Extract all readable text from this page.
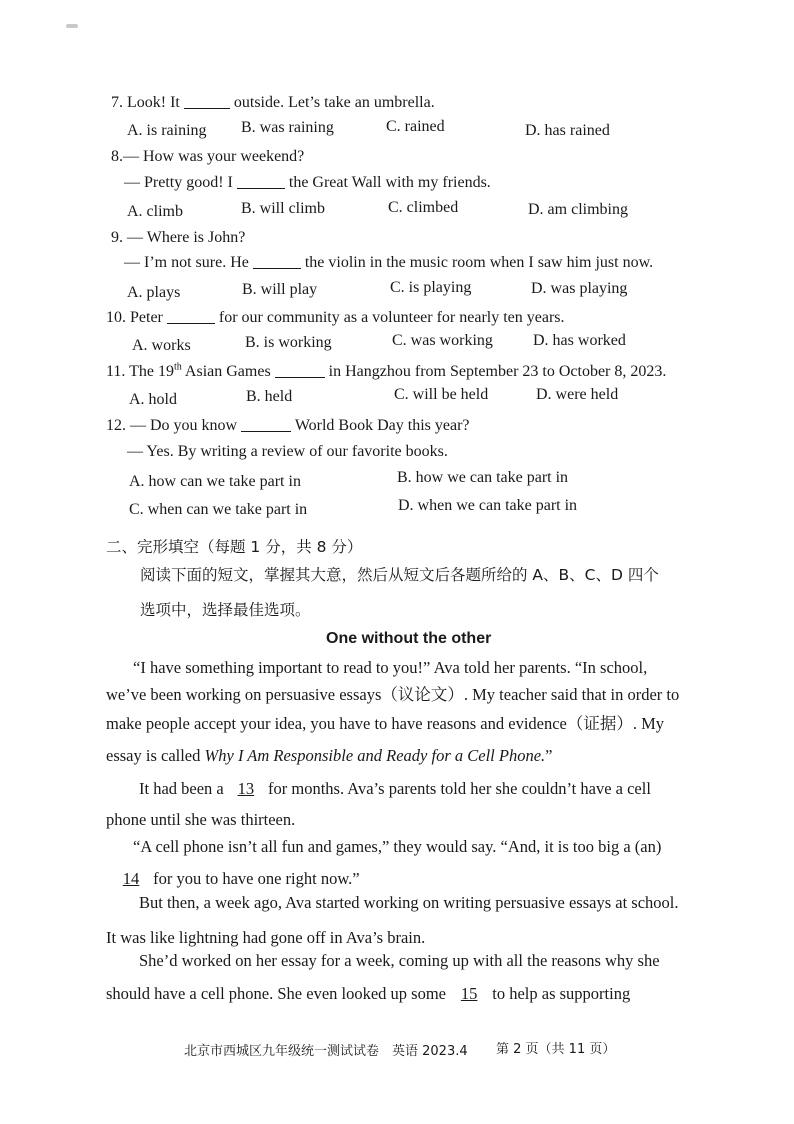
7. Look! It	outside. Let’s take an umbrella.
A. is raining B. was raining	C. rained	D. has rained
8.— How was your weekend?
— Pretty good! I	the Great Wall with my friends.
A. climb	B. will climb	C. climbed	D. am climbing
9. — Where is John?
— I’m not sure. He	the violin in the music room when I saw him just now.
A. plays	B. will play	C. is playing	D. was playing
10. Peter	for our community as a volunteer for nearly ten years.
A. works	B. is working	C. was working	D. has worked
11. The 19th Asian Games	in Hangzhou from September 23 to October 8, 2023.
A. hold	B. held	C. will be held	D. were held
12. — Do you know	World Book Day this year?
— Yes. By writing a review of our favorite books.
A. how can we take part in	B. how we can take part in
C. when can we take part in	D. when we can take part in
二、完形填空（每题 1 分，共 8 分）
阅读下面的短文，掌握其大意，然后从短文后各题所给的 A、B、C、D 四个
选项中，选择最佳选项。
One without the other
“I have something important to read to you!” Ava told her parents. “In school,
we’ve been working on persuasive essays（议论文）. My teacher said that in order to
make people accept your idea, you have to have reasons and evidence（证据）. My
essay is called Why I Am Responsible and Ready for a Cell Phone.”
It had been a 13 for months. Ava’s parents told her she couldn’t have a cell
phone until she was thirteen.
“A cell phone isn’t all fun and games,” they would say. “And, it is too big a (an)
14 for you to have one right now.”
But then, a week ago, Ava started working on writing persuasive essays at school.
It was like lightning had gone off in Ava’s brain.
She’d worked on her essay for a week, coming up with all the reasons why she
should have a cell phone. She even looked up some 15 to help as supporting
北京市西城区九年级统一测试试卷　英语 2023.4 第 2 页（共 11 页）
